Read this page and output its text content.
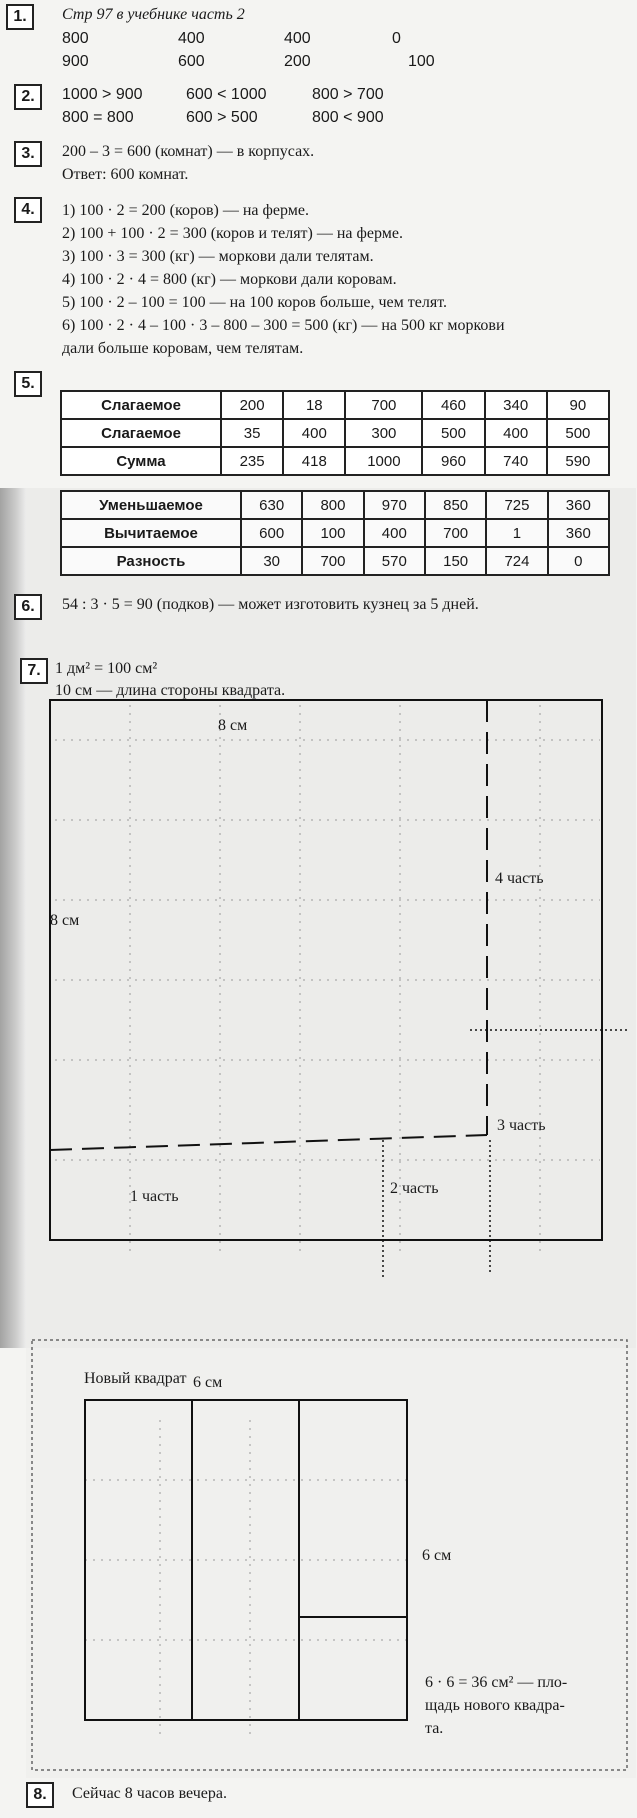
1.	Стр 97 в учебнике часть 2
800	400	400	0
900	600	200	100
2.	1000 > 900	600 < 1000	800 > 700
800 = 800	600 > 500	800 < 900
3.	200 – 3 = 600 (комнат) — в корпусах.
Ответ: 600 комнат.
4.	1) 100 · 2 = 200 (коров) — на ферме.
2) 100 + 100 · 2 = 300 (коров и телят) — на ферме.
3) 100 · 3 = 300 (кг) — моркови дали телятам.
4) 100 · 2 · 4 = 800 (кг) — моркови дали коровам.
5) 100 · 2 – 100 = 100 — на 100 коров больше, чем телят.
6) 100 · 2 · 4 – 100 · 3 – 800 – 300 = 500 (кг) — на 500 кг моркови
дали больше коровам, чем телятам.
5.
Слагаемое	200	18	700	460	340	90
Слагаемое	35	400	300	500	400	500
Сумма	235	418	1000	960	740	590
Уменьшаемое	630	800	970	850	725	360
Вычитаемое	600	100	400	700	1	360
Разность	30	700	570	150	724	0
6.	54 : 3 · 5 = 90 (подков) — может изготовить кузнец за 5 дней.
7. 1 дм² = 100 см²
10 см — длина стороны квадрата.
8 см
8 см
4 часть
3 часть
2 часть
1 часть
Новый квадрат 6 см
6 см
6 · 6 = 36 см² — пло-
щадь нового квадра-
та.
8.	Сейчас 8 часов вечера.
